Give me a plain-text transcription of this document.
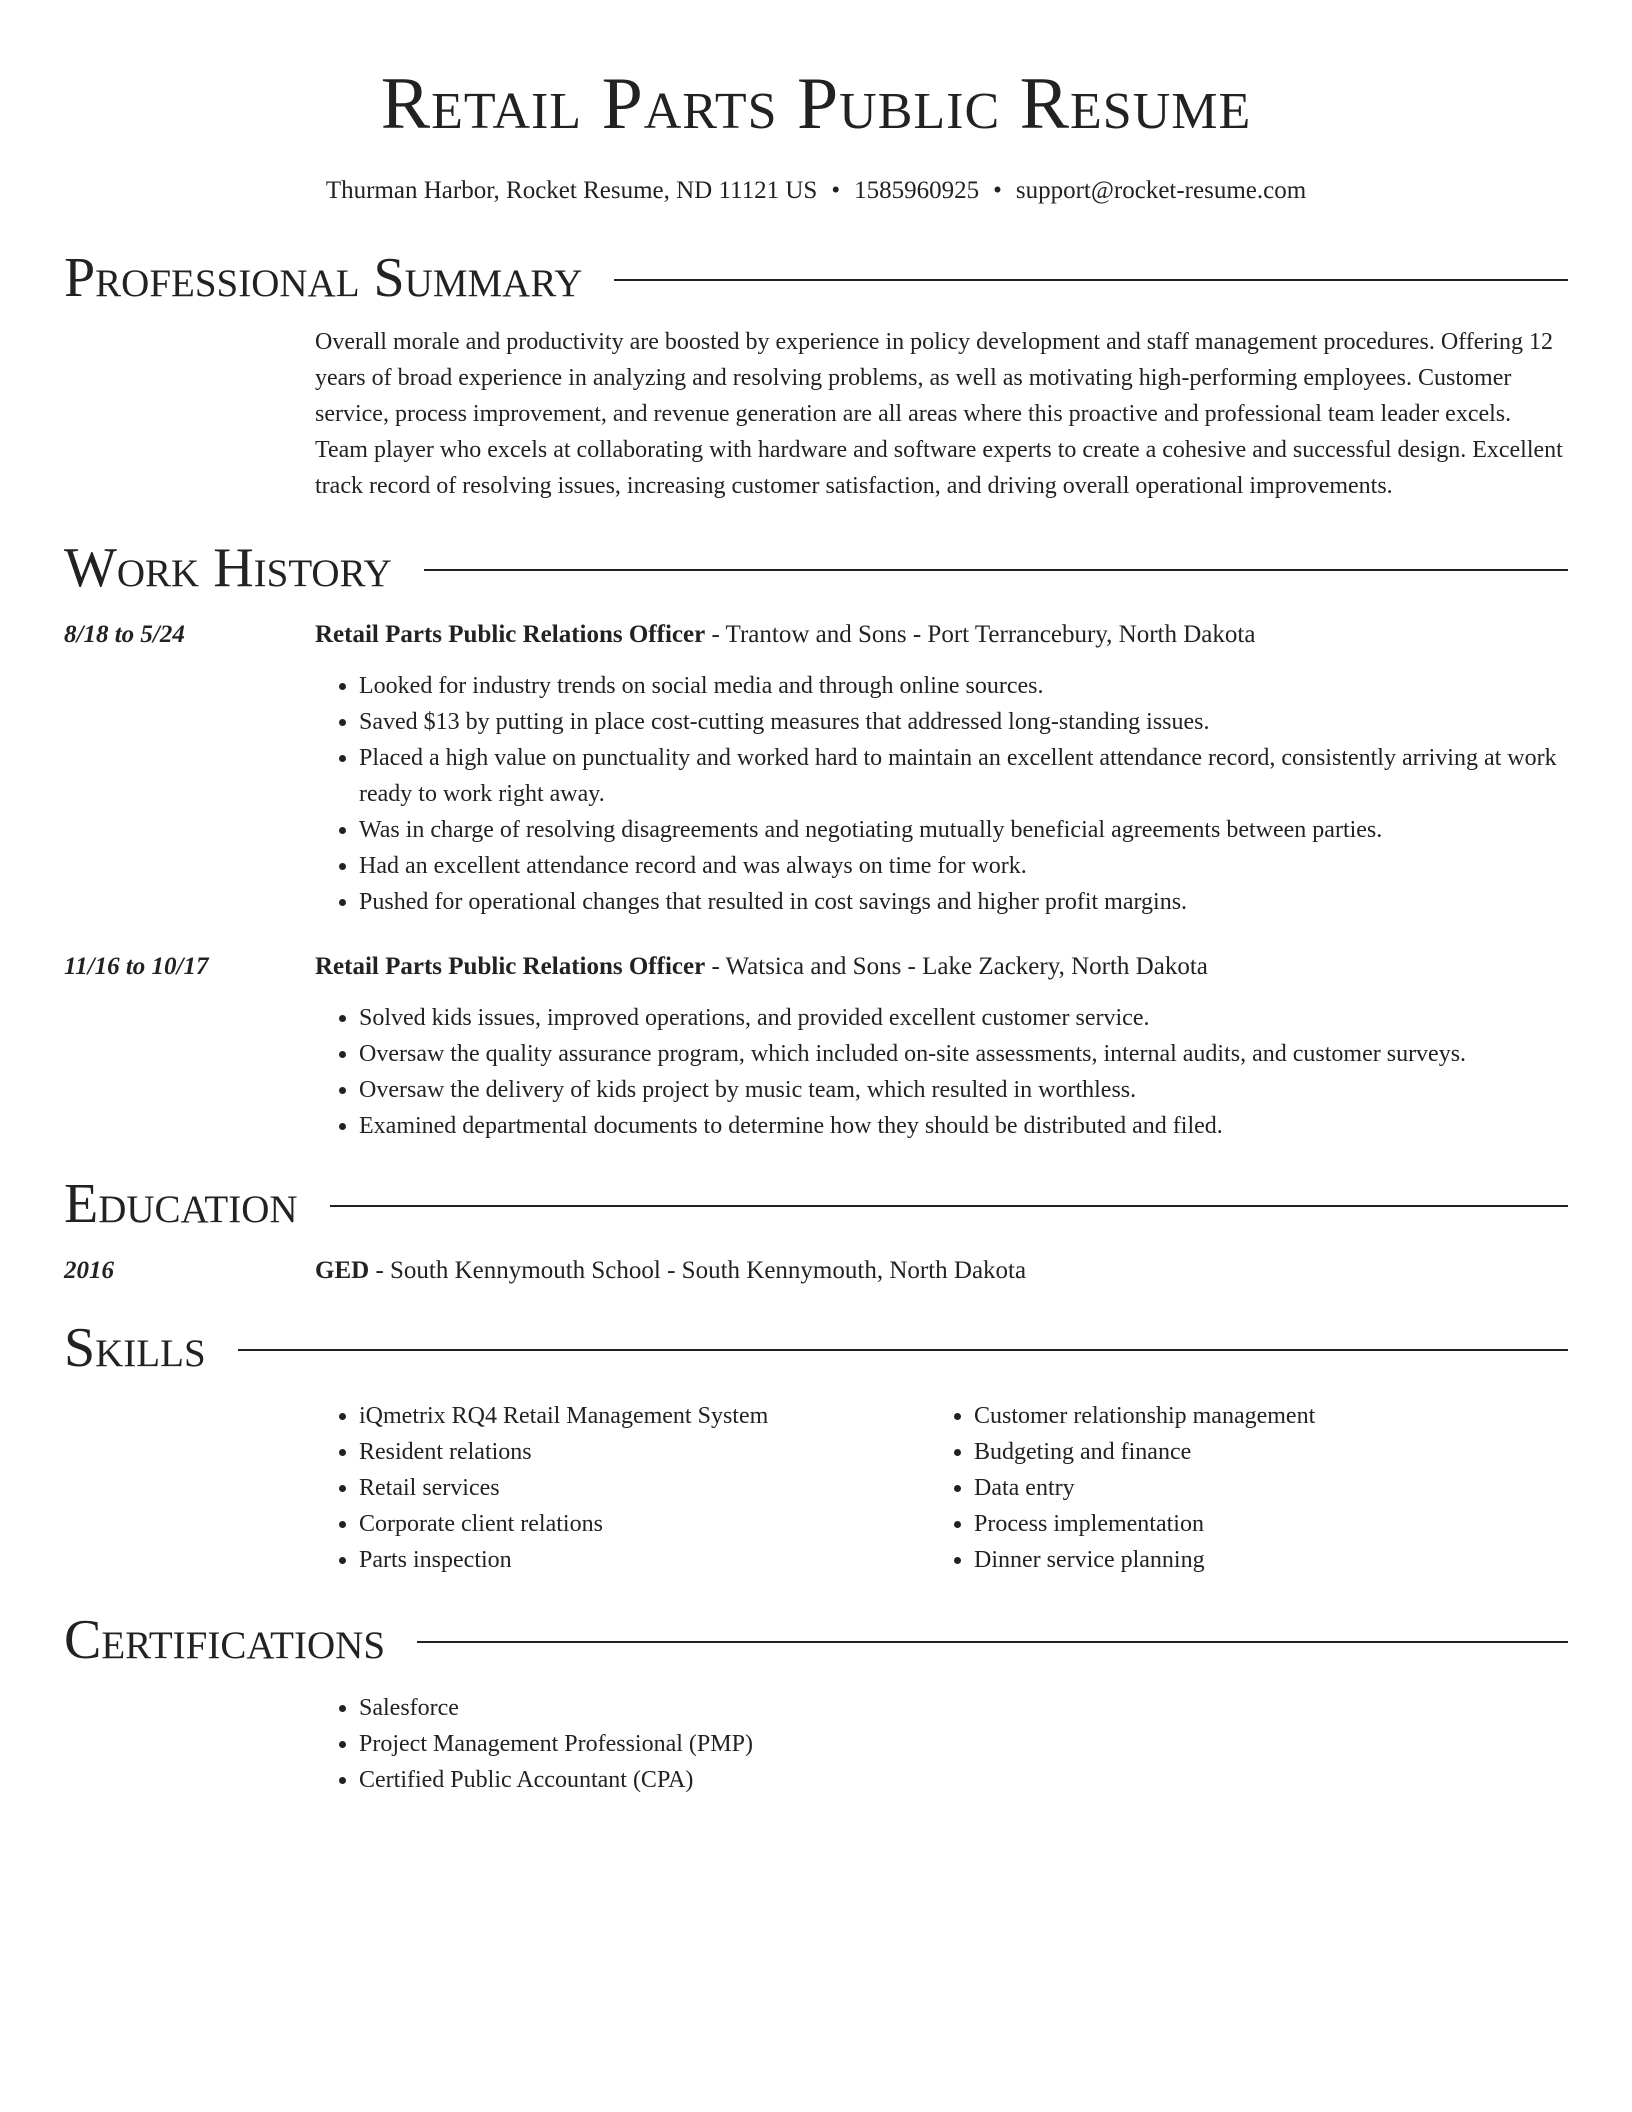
Retail Parts Public Resume
Thurman Harbor, Rocket Resume, ND 11121 US • 1585960925 • support@rocket-resume.com
Professional Summary
Overall morale and productivity are boosted by experience in policy development and staff management procedures. Offering 12 years of broad experience in analyzing and resolving problems, as well as motivating high-performing employees. Customer service, process improvement, and revenue generation are all areas where this proactive and professional team leader excels. Team player who excels at collaborating with hardware and software experts to create a cohesive and successful design. Excellent track record of resolving issues, increasing customer satisfaction, and driving overall operational improvements.
Work History
8/18 to 5/24	Retail Parts Public Relations Officer - Trantow and Sons - Port Terrancebury, North Dakota
• Looked for industry trends on social media and through online sources.
• Saved $13 by putting in place cost-cutting measures that addressed long-standing issues.
• Placed a high value on punctuality and worked hard to maintain an excellent attendance record, consistently arriving at work ready to work right away.
• Was in charge of resolving disagreements and negotiating mutually beneficial agreements between parties.
• Had an excellent attendance record and was always on time for work.
• Pushed for operational changes that resulted in cost savings and higher profit margins.
11/16 to 10/17	Retail Parts Public Relations Officer - Watsica and Sons - Lake Zackery, North Dakota
• Solved kids issues, improved operations, and provided excellent customer service.
• Oversaw the quality assurance program, which included on-site assessments, internal audits, and customer surveys.
• Oversaw the delivery of kids project by music team, which resulted in worthless.
• Examined departmental documents to determine how they should be distributed and filed.
Education
2016	GED - South Kennymouth School - South Kennymouth, North Dakota
Skills
• iQmetrix RQ4 Retail Management System
• Resident relations
• Retail services
• Corporate client relations
• Parts inspection
• Customer relationship management
• Budgeting and finance
• Data entry
• Process implementation
• Dinner service planning
Certifications
• Salesforce
• Project Management Professional (PMP)
• Certified Public Accountant (CPA)
